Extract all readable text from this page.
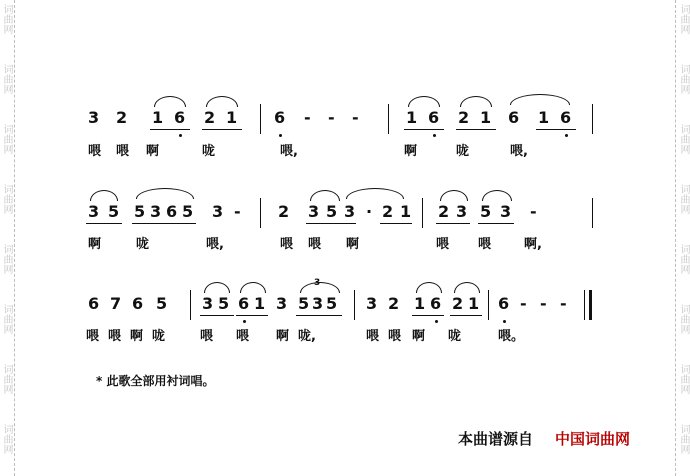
词曲网
词曲网
词曲网
词曲网
词曲网
词曲网
词曲网
词曲网
词曲网
词曲网
词曲网
词曲网
词曲网
词曲网
词曲网
词曲网
3 2 1 6 2 1 6 - - -	1 6 2 1 6 1 6
喂 喂 啊	咙	喂,	啊	咙	喂,
3 5 5 3 6 5 3 - 2 3 5 3 · 2 1 2 3 5 3 -
啊	咙	喂,	喂 喂 啊	喂 喂	啊,
6 7 6 5 3 5 6 1 3 5 3 5
3
3 2 1 6 2 1 6 - - -
喂 喂 啊 咙	喂 喂 啊 咙,	喂 喂 啊 咙	喂。
* 此歌全部用衬词唱。
本曲谱源自 中国词曲网
